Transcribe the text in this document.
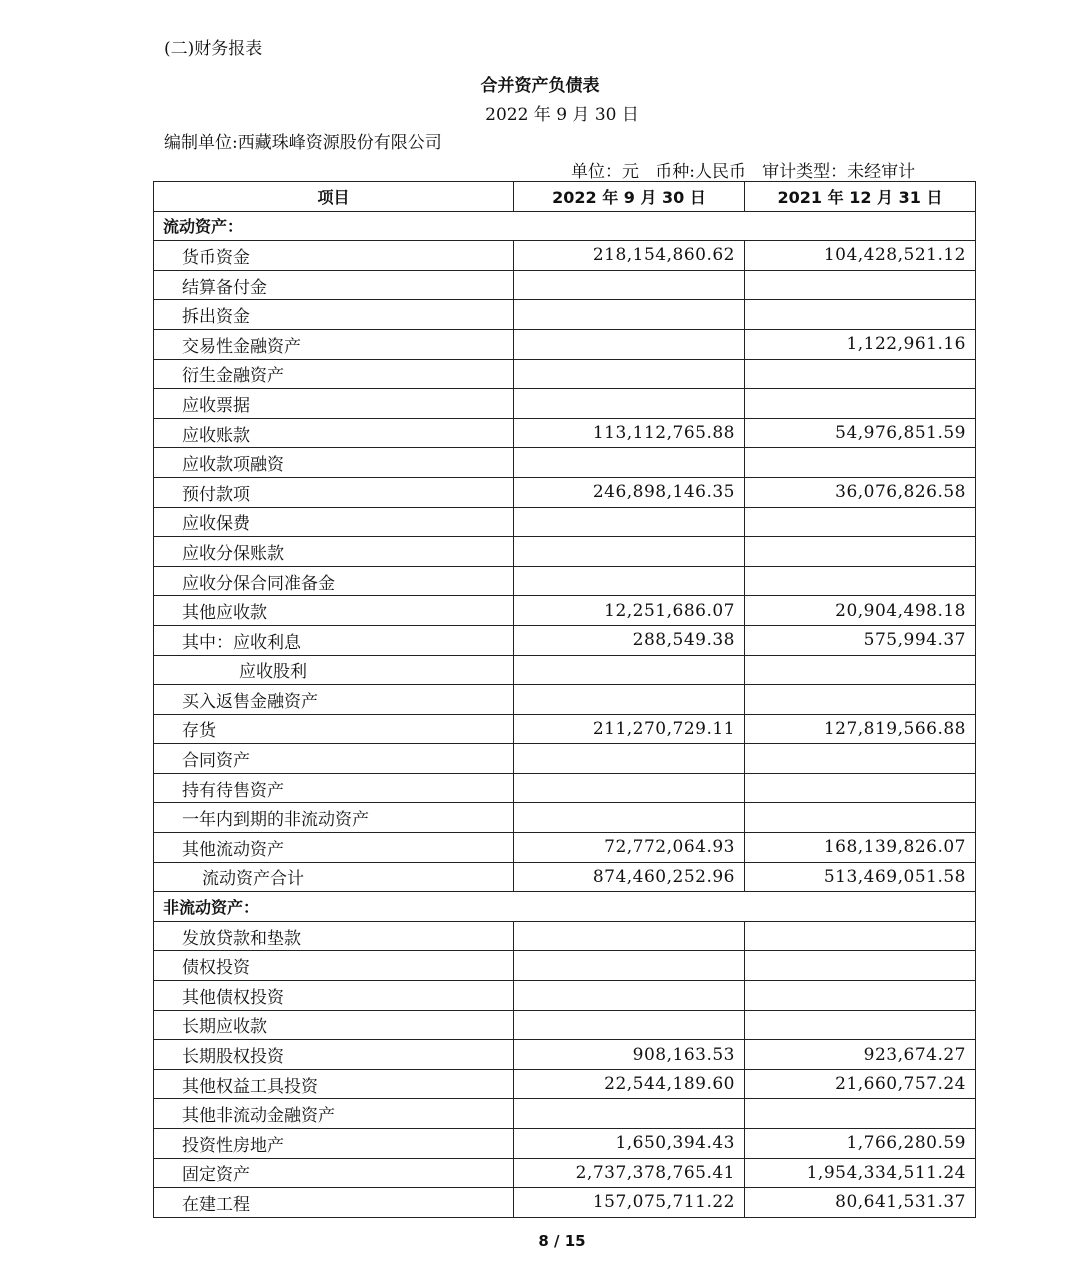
(二)财务报表
合并资产负债表
2022 年 9 月 30 日
编制单位:西藏珠峰资源股份有限公司
单位：元   币种:人民币   审计类型：未经审计
项目	2022 年 9 月 30 日	2021 年 12 月 31 日
流动资产：		
货币资金	218,154,860.62	104,428,521.12
结算备付金		
拆出资金		
交易性金融资产		1,122,961.16
衍生金融资产		
应收票据		
应收账款	113,112,765.88	54,976,851.59
应收款项融资		
预付款项	246,898,146.35	36,076,826.58
应收保费		
应收分保账款		
应收分保合同准备金		
其他应收款	12,251,686.07	20,904,498.18
其中：应收利息	288,549.38	575,994.37
应收股利		
买入返售金融资产		
存货	211,270,729.11	127,819,566.88
合同资产		
持有待售资产		
一年内到期的非流动资产		
其他流动资产	72,772,064.93	168,139,826.07
流动资产合计	874,460,252.96	513,469,051.58
非流动资产：		
发放贷款和垫款		
债权投资		
其他债权投资		
长期应收款		
长期股权投资	908,163.53	923,674.27
其他权益工具投资	22,544,189.60	21,660,757.24
其他非流动金融资产		
投资性房地产	1,650,394.43	1,766,280.59
固定资产	2,737,378,765.41	1,954,334,511.24
在建工程	157,075,711.22	80,641,531.37
8 / 15
